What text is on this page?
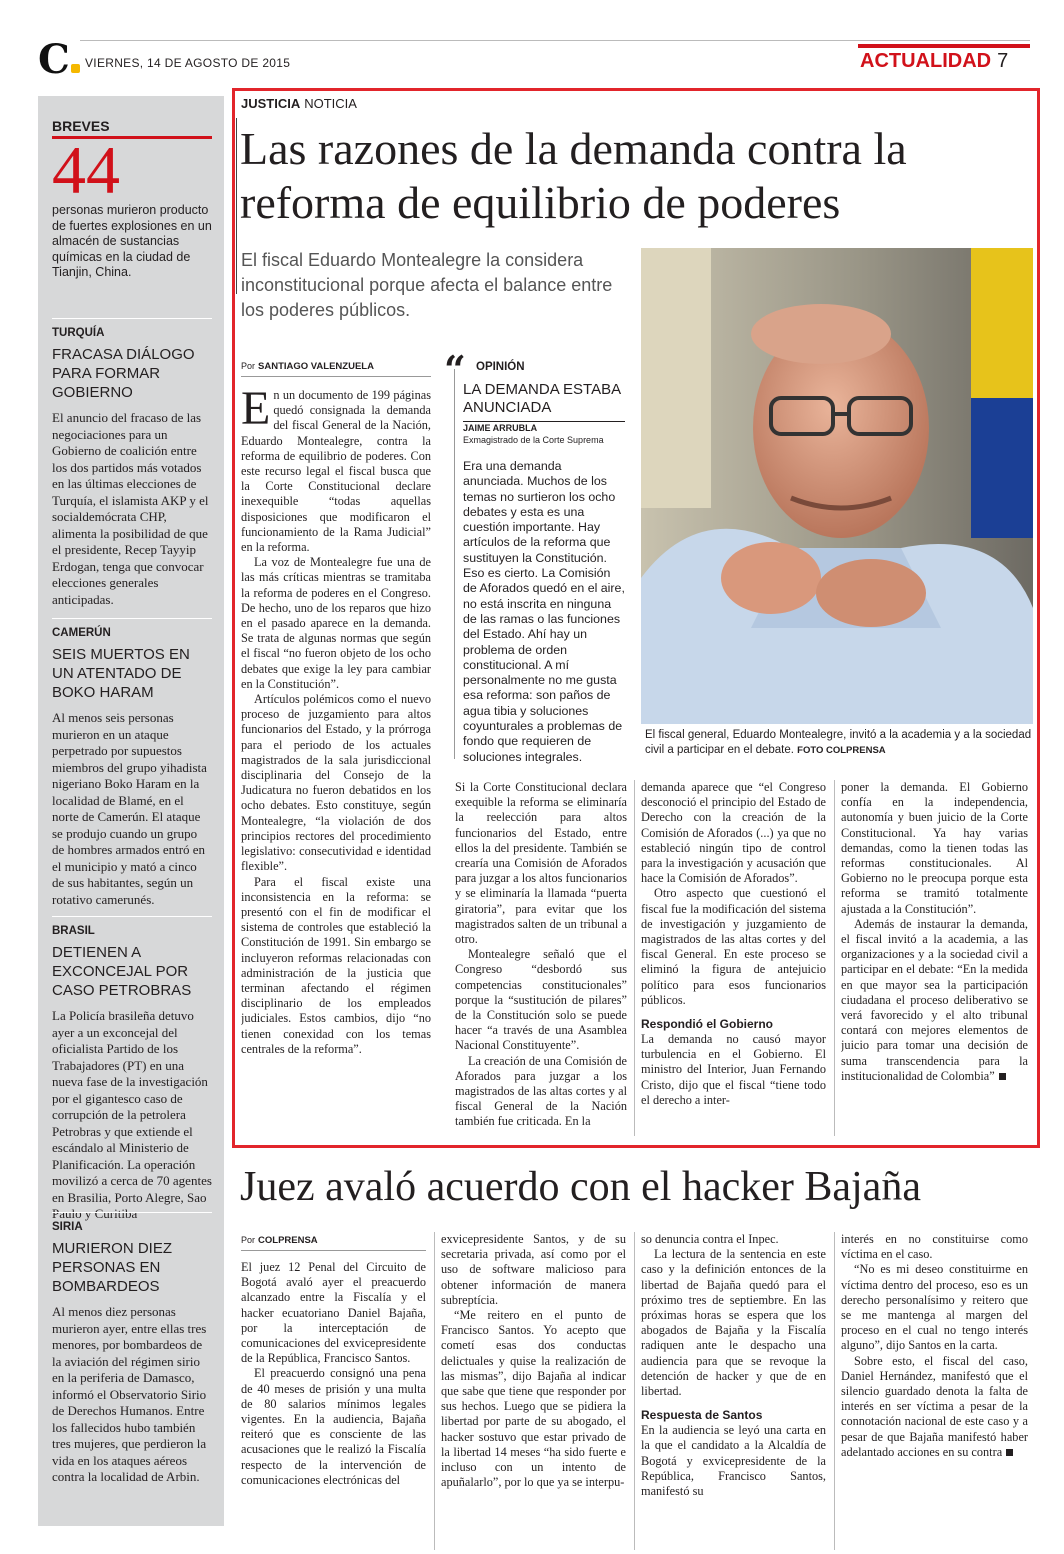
C	VIERNES, 14 DE AGOSTO DE 2015	ACTUALIDAD 7
BREVES
44
personas murieron producto de fuertes explosiones en un almacén de sustancias químicas en la ciudad de Tianjin, China.
TURQUÍA
FRACASA DIÁLOGO PARA FORMAR GOBIERNO
El anuncio del fracaso de las negociaciones para un Gobierno de coalición entre los dos partidos más votados en las últimas elecciones de Turquía, el islamista AKP y el socialdemócrata CHP, alimenta la posibilidad de que el presidente, Recep Tayyip Erdogan, tenga que convocar elecciones generales anticipadas.
CAMERÚN
SEIS MUERTOS EN UN ATENTADO DE BOKO HARAM
Al menos seis personas murieron en un ataque perpetrado por supuestos miembros del grupo yihadista nigeriano Boko Haram en la localidad de Blamé, en el norte de Camerún. El ataque se produjo cuando un grupo de hombres armados entró en el municipio y mató a cinco de sus habitantes, según un rotativo camerunés.
BRASIL
DETIENEN A EXCONCEJAL POR CASO PETROBRAS
La Policía brasileña detuvo ayer a un exconcejal del oficialista Partido de los Trabajadores (PT) en una nueva fase de la investigación por el gigantesco caso de corrupción de la petrolera Petrobras y que extiende el escándalo al Ministerio de Planificación. La operación movilizó a cerca de 70 agentes en Brasilia, Porto Alegre, Sao Paulo y Curitiba
SIRIA
MURIERON DIEZ PERSONAS EN BOMBARDEOS
Al menos diez personas murieron ayer, entre ellas tres menores, por bombardeos de la aviación del régimen sirio en la periferia de Damasco, informó el Observatorio Sirio de Derechos Humanos. Entre los fallecidos hubo también tres mujeres, que perdieron la vida en los ataques aéreos contra la localidad de Arbin.
JUSTICIA NOTICIA
Las razones de la demanda contra la reforma de equilibrio de poderes
El fiscal Eduardo Montealegre la considera inconstitucional porque afecta el balance entre los poderes públicos.
El fiscal general, Eduardo Montealegre, invitó a la academia y a la sociedad civil a participar en el debate. FOTO COLPRENSA
Por SANTIAGO VALENZUELA

En un documento de 199 páginas quedó consignada la demanda del fiscal General de la Nación, Eduardo Montealegre, contra la reforma de equilibrio de poderes. Con este recurso legal el fiscal busca que la Corte Constitucional declare inexequible “todas aquellas disposiciones que modificaron el funcionamiento de la Rama Judicial” en la reforma.

La voz de Montealegre fue una de las más críticas mientras se tramitaba la reforma de poderes en el Congreso. De hecho, uno de los reparos que hizo en el pasado aparece en la demanda. Se trata de algunas normas que según el fiscal “no fueron objeto de los ocho debates que exige la ley para cambiar en la Constitución”.

Artículos polémicos como el nuevo proceso de juzgamiento para altos funcionarios del Estado, y la prórroga para el periodo de los actuales magistrados de la sala jurisdiccional disciplinaria del Consejo de la Judicatura no fueron debatidos en los ocho debates. Esto constituye, según Montealegre, “la violación de dos principios rectores del procedimiento legislativo: consecutividad e identidad flexible”.

Para el fiscal existe una inconsistencia en la reforma: se presentó con el fin de modificar el sistema de controles que estableció la Constitución de 1991. Sin embargo se incluyeron reformas relacionadas con administración de la justicia que terminan afectando el régimen disciplinario de los empleados judiciales. Estos cambios, dijo “no tienen conexidad con los temas centrales de la reforma”.

“ OPINIÓN
LA DEMANDA ESTABA ANUNCIADA
JAIME ARRUBLA
Exmagistrado de la Corte Suprema
Era una demanda anunciada. Muchos de los temas no surtieron los ocho debates y esta es una cuestión importante. Hay artículos de la reforma que sustituyen la Constitución. Eso es cierto. La Comisión de Aforados quedó en el aire, no está inscrita en ninguna de las ramas o las funciones del Estado. Ahí hay un problema de orden constitucional. A mí personalmente no me gusta esa reforma: son paños de agua tibia y soluciones coyunturales a problemas de fondo que requieren de soluciones integrales.

Si la Corte Constitucional declara exequible la reforma se eliminaría la reelección para altos funcionarios del Estado, entre ellos la del presidente. También se crearía una Comisión de Aforados para juzgar a los altos funcionarios y se eliminaría la llamada “puerta giratoria”, para evitar que los magistrados salten de un tribunal a otro.

Montealegre señaló que el Congreso “desbordó sus competencias constitucionales” porque la “sustitución de pilares” de la Constitución solo se puede hacer “a través de una Asamblea Nacional Constituyente”.

La creación de una Comisión de Aforados para juzgar a los magistrados de las altas cortes y al fiscal General de la Nación también fue criticada. En la

demanda aparece que “el Congreso desconoció el principio del Estado de Derecho con la creación de la Comisión de Aforados (...) ya que no estableció ningún tipo de control para la investigación y acusación que hace la Comisión de Aforados”.

Otro aspecto que cuestionó el fiscal fue la modificación del sistema de investigación y juzgamiento de magistrados de las altas cortes y del fiscal General. En este proceso se eliminó la figura de antejuicio político para esos funcionarios públicos.

Respondió el Gobierno

La demanda no causó mayor turbulencia en el Gobierno. El ministro del Interior, Juan Fernando Cristo, dijo que el fiscal “tiene todo el derecho a inter-

poner la demanda. El Gobierno confía en la independencia, autonomía y buen juicio de la Corte Constitucional. Ya hay varias demandas, como la tienen todas las reformas constitucionales. Al Gobierno no le preocupa porque esta reforma se tramitó totalmente ajustada a la Constitución”.

Además de instaurar la demanda, el fiscal invitó a la academia, a las organizaciones y a la sociedad civil a participar en el debate: “En la medida en que mayor sea la participación ciudadana el proceso deliberativo se verá favorecido y el alto tribunal contará con mejores elementos de juicio para tomar una decisión de suma transcendencia para la institucionalidad de Colombia”

Juez avaló acuerdo con el hacker Bajaña
Por COLPRENSA

El juez 12 Penal del Circuito de Bogotá avaló ayer el preacuerdo alcanzado entre la Fiscalía y el hacker ecuatoriano Daniel Bajaña, por la interceptación de comunicaciones del exvicepresidente de la República, Francisco Santos.

El preacuerdo consignó una pena de 40 meses de prisión y una multa de 80 salarios mínimos legales vigentes. En la audiencia, Bajaña reiteró que es consciente de las acusaciones que le realizó la Fiscalía respecto de la intervención de comunicaciones electrónicas del

exvicepresidente Santos, y de su secretaria privada, así como por el uso de software malicioso para obtener información de manera subreptícia.

“Me reitero en el punto de Francisco Santos. Yo acepto que cometí esas dos conductas delictuales y quise la realización de las mismas”, dijo Bajaña al indicar que sabe que tiene que responder por sus hechos. Luego que se pidiera la libertad por parte de su abogado, el hacker sostuvo que estar privado de la libertad 14 meses “ha sido fuerte e incluso con un intento de apuñalarlo”, por lo que ya se interpu-

so denuncia contra el Inpec.

La lectura de la sentencia en este caso y la definición entonces de la libertad de Bajaña quedó para el próximo tres de septiembre. En las próximas horas se espera que los abogados de Bajaña y la Fiscalía radiquen ante le despacho una audiencia para que se revoque la detención de hacker y que de en libertad.

Respuesta de Santos

En la audiencia se leyó una carta en la que el candidato a la Alcaldía de Bogotá y exvicepresidente de la República, Francisco Santos, manifestó su

interés en no constituirse como víctima en el caso.

“No es mi deseo constituirme en víctima dentro del proceso, eso es un derecho personalísimo y reitero que se me mantenga al margen del proceso en el cual no tengo interés alguno”, dijo Santos en la carta.

Sobre esto, el fiscal del caso, Daniel Hernández, manifestó que el silencio guardado denota la falta de interés en ser víctima a pesar de la connotación nacional de este caso y a pesar de que Bajaña manifestó haber adelantado acciones en su contra
